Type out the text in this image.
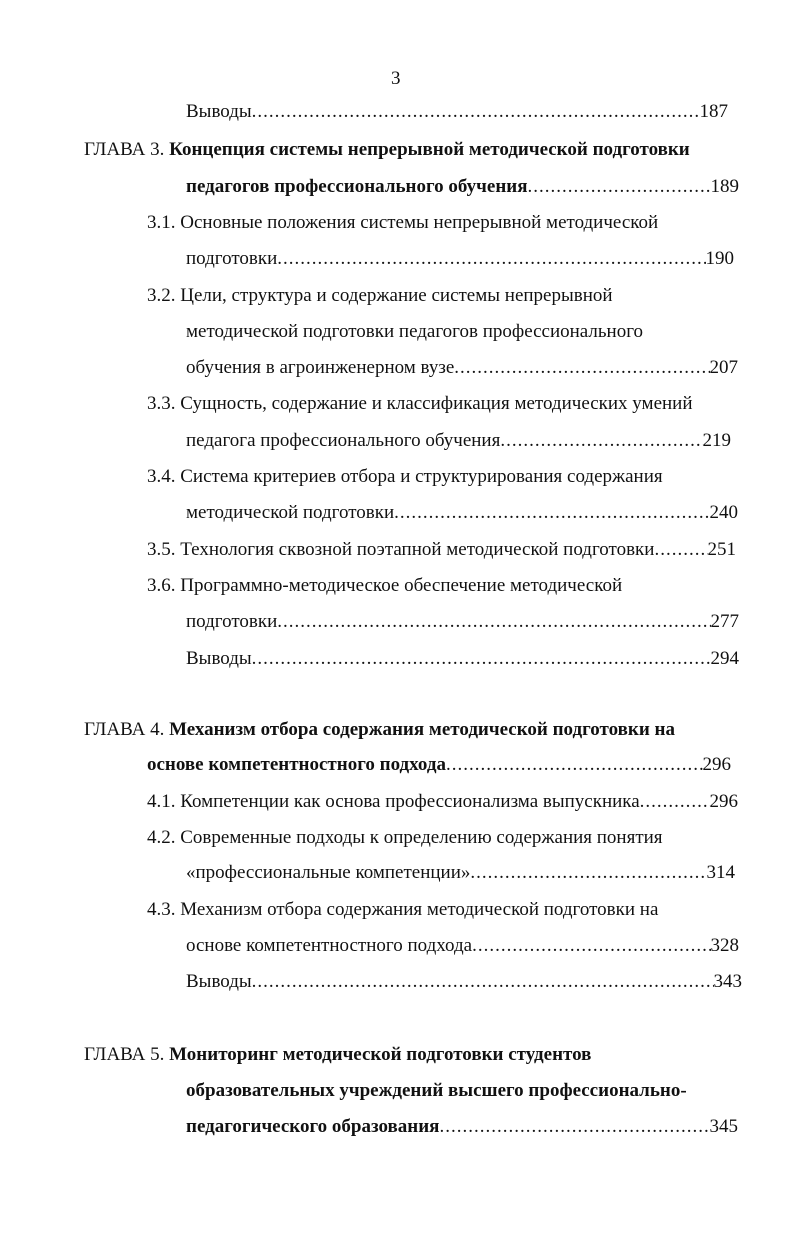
3
Выводы .....	187
ГЛАВА 3. Концепция системы непрерывной методической подготовки
педагогов профессионального обучения .....	189
3.1. Основные положения системы непрерывной методической
подготовки .....	190
3.2. Цели, структура и содержание системы непрерывной
методической подготовки педагогов профессионального
обучения в агроинженерном вузе .....	207
3.3. Сущность, содержание и классификация методических умений
педагога профессионального обучения .....	219
3.4. Система критериев отбора и структурирования содержания
методической подготовки .....	240
3.5. Технология сквозной поэтапной методической подготовки .....	251
3.6. Программно-методическое обеспечение методической
подготовки .....	277
Выводы .....	294
ГЛАВА 4. Механизм отбора содержания методической подготовки на
основе компетентностного подхода .....	296
4.1. Компетенции как основа профессионализма выпускника .....	296
4.2. Современные подходы к определению содержания понятия
«профессиональные компетенции» .....	314
4.3. Механизм отбора содержания методической подготовки на
основе компетентностного подхода .....	328
Выводы .....	343
ГЛАВА 5. Мониторинг методической подготовки студентов
образовательных учреждений высшего профессионально-
педагогического образования .....	345
